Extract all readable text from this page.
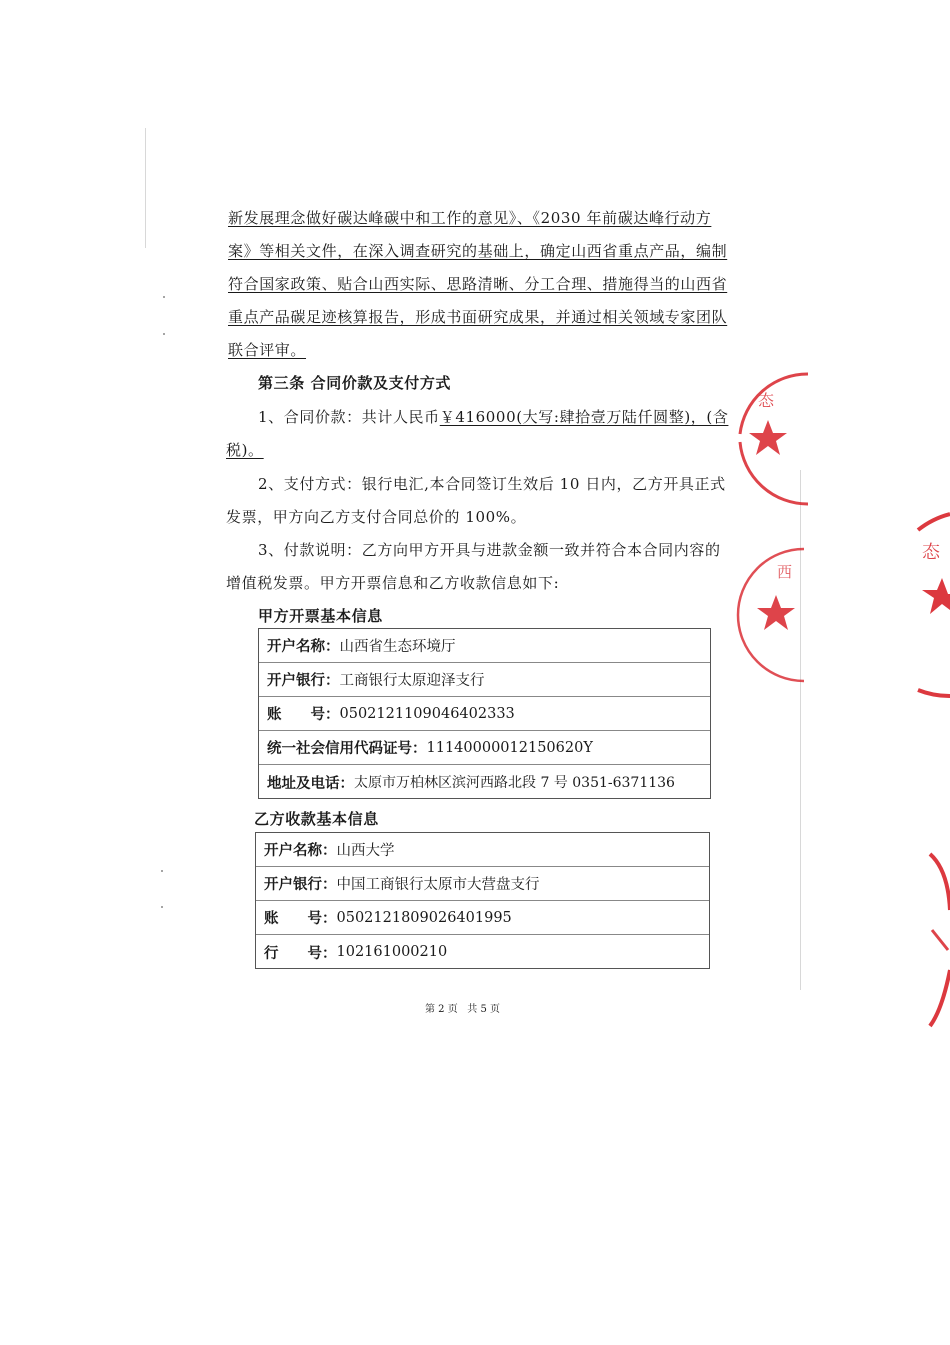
新发展理念做好碳达峰碳中和工作的意见》、《2030 年前碳达峰行动方
案》等相关文件，在深入调查研究的基础上，确定山西省重点产品，编制
符合国家政策、贴合山西实际、思路清晰、分工合理、措施得当的山西省
重点产品碳足迹核算报告，形成书面研究成果，并通过相关领域专家团队
联合评审。
第三条 合同价款及支付方式
1、合同价款：共计人民币￥416000(大写:肆拾壹万陆仟圆整)，(含
税)。
2、支付方式：银行电汇,本合同签订生效后 10 日内，乙方开具正式
发票，甲方向乙方支付合同总价的 100%。
3、付款说明：乙方向甲方开具与进款金额一致并符合本合同内容的
增值税发票。甲方开票信息和乙方收款信息如下:
甲方开票基本信息
开户名称： 山西省生态环境厅
开户银行： 工商银行太原迎泽支行
账　　号： 0502121109046402333
统一社会信用代码证号： 11140000012150620Y
地址及电话： 太原市万柏林区滨河西路北段 7 号 0351-6371136
乙方收款基本信息
开户名称： 山西大学
开户银行： 中国工商银行太原市大营盘支行
账　　号： 0502121809026401995
行　　号： 102161000210
第 2 页 共 5 页
态
西
态
